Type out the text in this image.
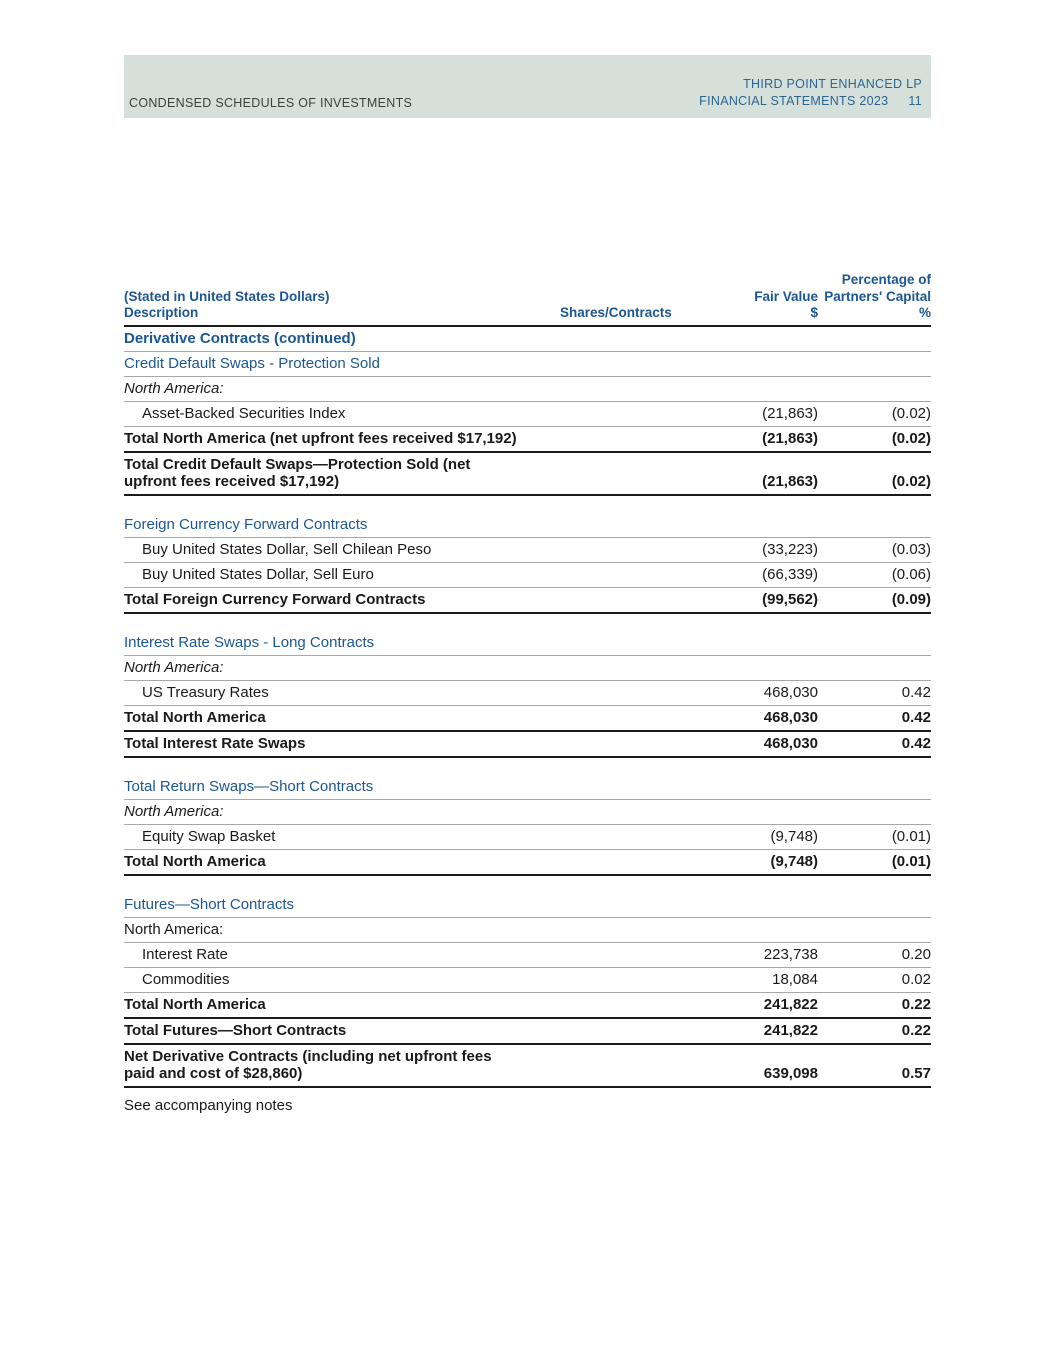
CONDENSED SCHEDULES OF INVESTMENTS
THIRD POINT ENHANCED LP
FINANCIAL STATEMENTS 2023 11
Percentage of
(Stated in United States Dollars)	Fair Value Partners' Capital
Description	Shares/Contracts	$	%
Derivative Contracts (continued)
Credit Default Swaps - Protection Sold
North America:
Asset-Backed Securities Index	(21,863)	(0.02)
Total North America (net upfront fees received $17,192)	(21,863)	(0.02)
Total Credit Default Swaps—Protection Sold (net
upfront fees received $17,192)	(21,863)	(0.02)
Foreign Currency Forward Contracts
Buy United States Dollar, Sell Chilean Peso	(33,223)	(0.03)
Buy United States Dollar, Sell Euro	(66,339)	(0.06)
Total Foreign Currency Forward Contracts	(99,562)	(0.09)
Interest Rate Swaps - Long Contracts
North America:
US Treasury Rates	468,030	0.42
Total North America	468,030	0.42
Total Interest Rate Swaps	468,030	0.42
Total Return Swaps—Short Contracts
North America:
Equity Swap Basket	(9,748)	(0.01)
Total North America	(9,748)	(0.01)
Futures—Short Contracts
North America:
Interest Rate	223,738	0.20
Commodities	18,084	0.02
Total North America	241,822	0.22
Total Futures—Short Contracts	241,822	0.22
Net Derivative Contracts (including net upfront fees
paid and cost of $28,860)	639,098	0.57
See accompanying notes
